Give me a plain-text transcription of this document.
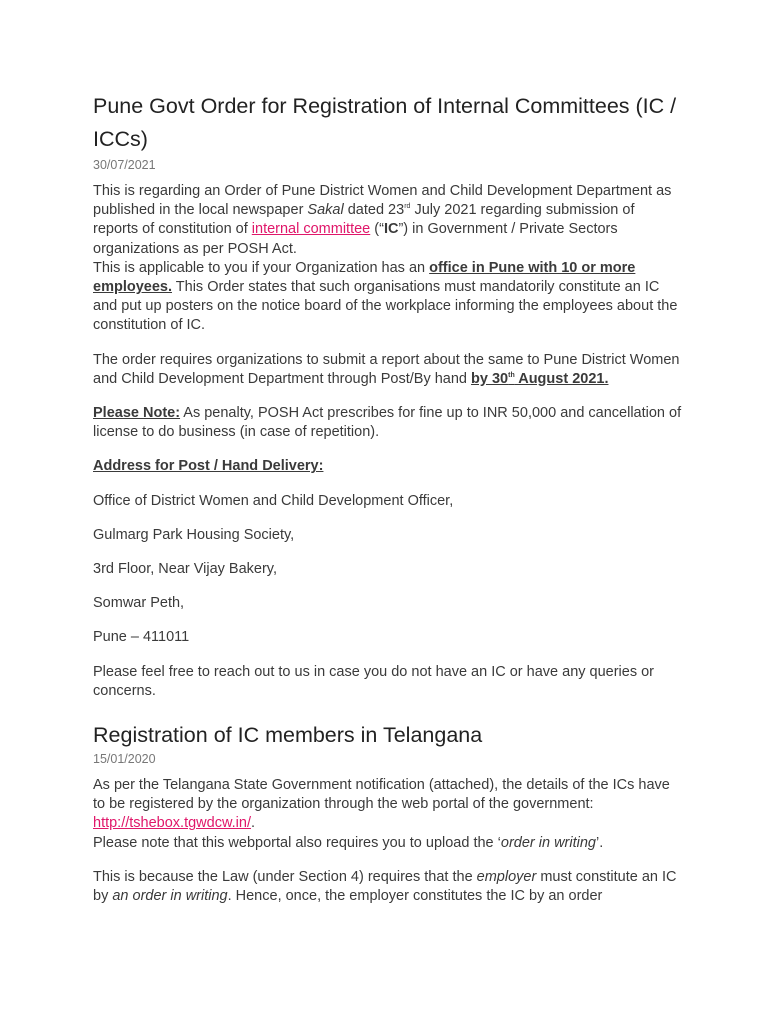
Pune Govt Order for Registration of Internal Committees (IC / ICCs)
30/07/2021

This is regarding an Order of Pune District Women and Child Development Department as published in the local newspaper Sakal dated 23rd July 2021 regarding submission of reports of constitution of internal committee (“IC”) in Government / Private Sectors organizations as per POSH Act.

This is applicable to you if your Organization has an office in Pune with 10 or more employees. This Order states that such organisations must mandatorily constitute an IC and put up posters on the notice board of the workplace informing the employees about the constitution of IC.

The order requires organizations to submit a report about the same to Pune District Women and Child Development Department through Post/By hand by 30th August 2021.

Please Note: As penalty, POSH Act prescribes for fine up to INR 50,000 and cancellation of license to do business (in case of repetition).

Address for Post / Hand Delivery:

Office of District Women and Child Development Officer,

Gulmarg Park Housing Society,

3rd Floor, Near Vijay Bakery,

Somwar Peth,

Pune – 411011

Please feel free to reach out to us in case you do not have an IC or have any queries or concerns.

Registration of IC members in Telangana
15/01/2020

As per the Telangana State Government notification (attached), the details of the ICs have to be registered by the organization through the web portal of the government: http://tshebox.tgwdcw.in/.

Please note that this webportal also requires you to upload the ‘order in writing’.

This is because the Law (under Section 4) requires that the employer must constitute an IC by an order in writing. Hence, once, the employer constitutes the IC by an order
